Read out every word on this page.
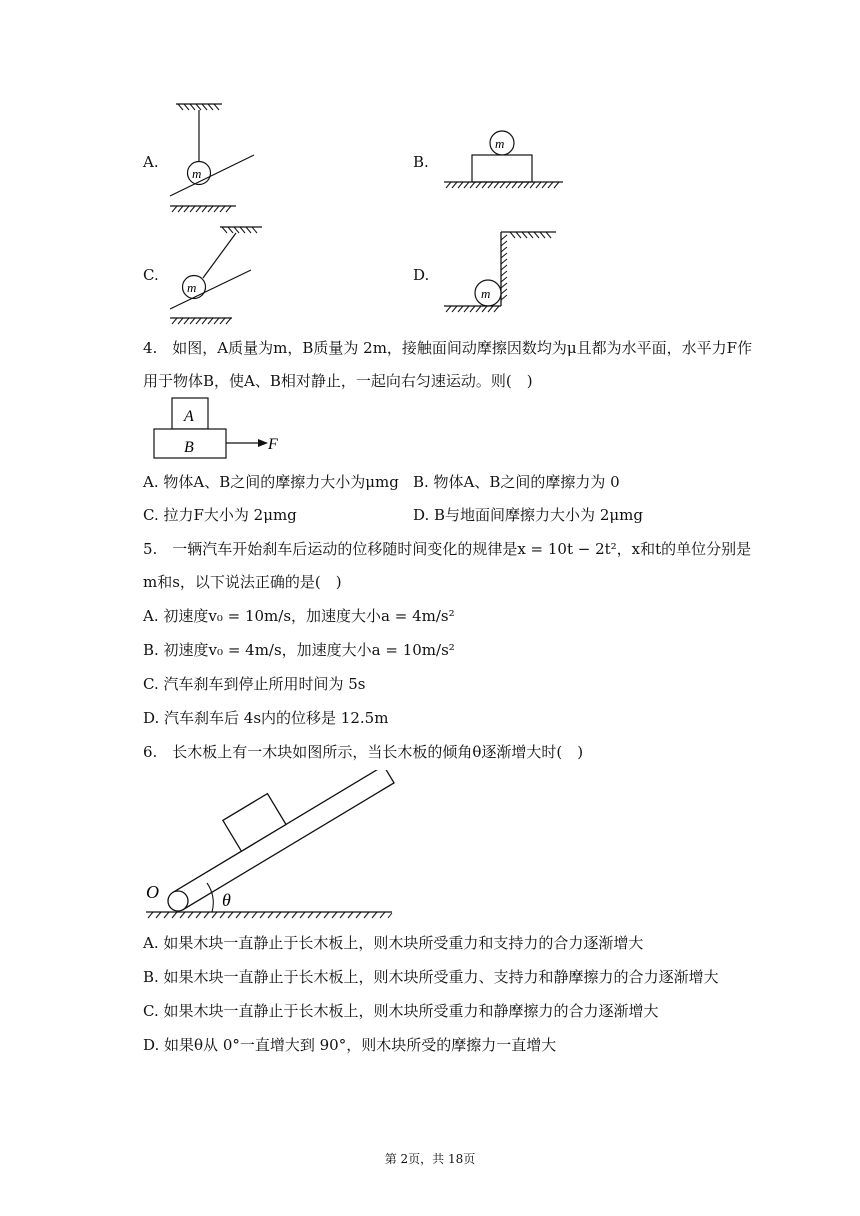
A.	B.
C.	D.
m
m
m	m
4.　如图，A质量为m，B质量为 2m，接触面间动摩擦因数均为μ且都为水平面，水平力F作
用于物体B，使A、B相对静止，一起向右匀速运动。则(　)
A
B	F
A. 物体A、B之间的摩擦力大小为μmg B. 物体A、B之间的摩擦力为 0
C. 拉力F大小为 2μmg	D. B与地面间摩擦力大小为 2μmg
5.　一辆汽车开始刹车后运动的位移随时间变化的规律是x = 10t − 2t²，x和t的单位分别是
m和s，以下说法正确的是(　)
A. 初速度v₀ = 10m/s，加速度大小a = 4m/s²
B. 初速度v₀ = 4m/s，加速度大小a = 10m/s²
C. 汽车刹车到停止所用时间为 5s
D. 汽车刹车后 4s内的位移是 12.5m
6.　长木板上有一木块如图所示，当长木板的倾角θ逐渐增大时(　)
O	θ
A. 如果木块一直静止于长木板上，则木块所受重力和支持力的合力逐渐增大
B. 如果木块一直静止于长木板上，则木块所受重力、支持力和静摩擦力的合力逐渐增大
C. 如果木块一直静止于长木板上，则木块所受重力和静摩擦力的合力逐渐增大
D. 如果θ从 0°一直增大到 90°，则木块所受的摩擦力一直增大
第 2页，共 18页
